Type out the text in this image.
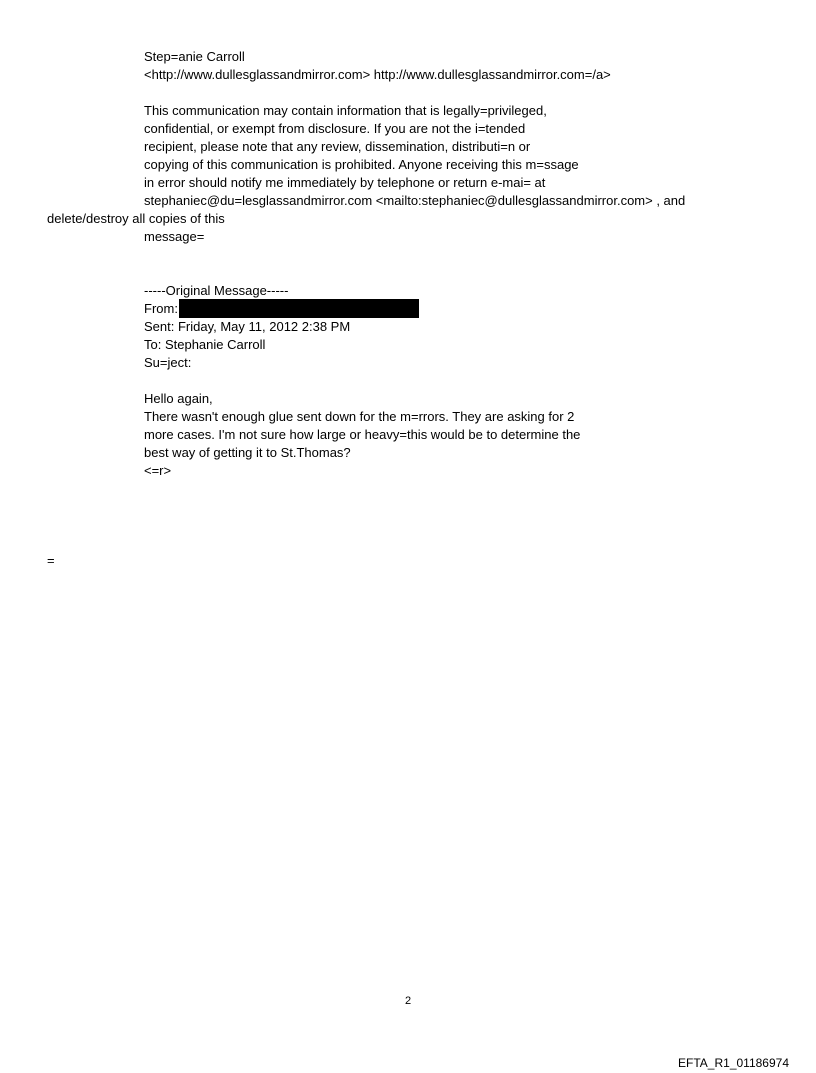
Step=anie Carroll
<http://www.dullesglassandmirror.com> http://www.dullesglassandmirror.com=/a>
This communication may contain information that is legally=privileged,
confidential, or exempt from disclosure. If you are not the i=tended
recipient, please note that any review, dissemination, distributi=n or
copying of this communication is prohibited. Anyone receiving this m=ssage
in error should notify me immediately by telephone or return e-mai= at
stephaniec@du=lesglassandmirror.com <mailto:stephaniec@dullesglassandmirror.com> , and
delete/destroy all copies of this
message=
-----Original Message-----
From:
Sent: Friday, May 11, 2012 2:38 PM
To: Stephanie Carroll
Su=ject:
Hello again,
There wasn't enough glue sent down for the m=rrors. They are asking for 2
more cases. I'm not sure how large or heavy=this would be to determine the
best way of getting it to St.Thomas?
<=r>
=
2
EFTA_R1_01186974
